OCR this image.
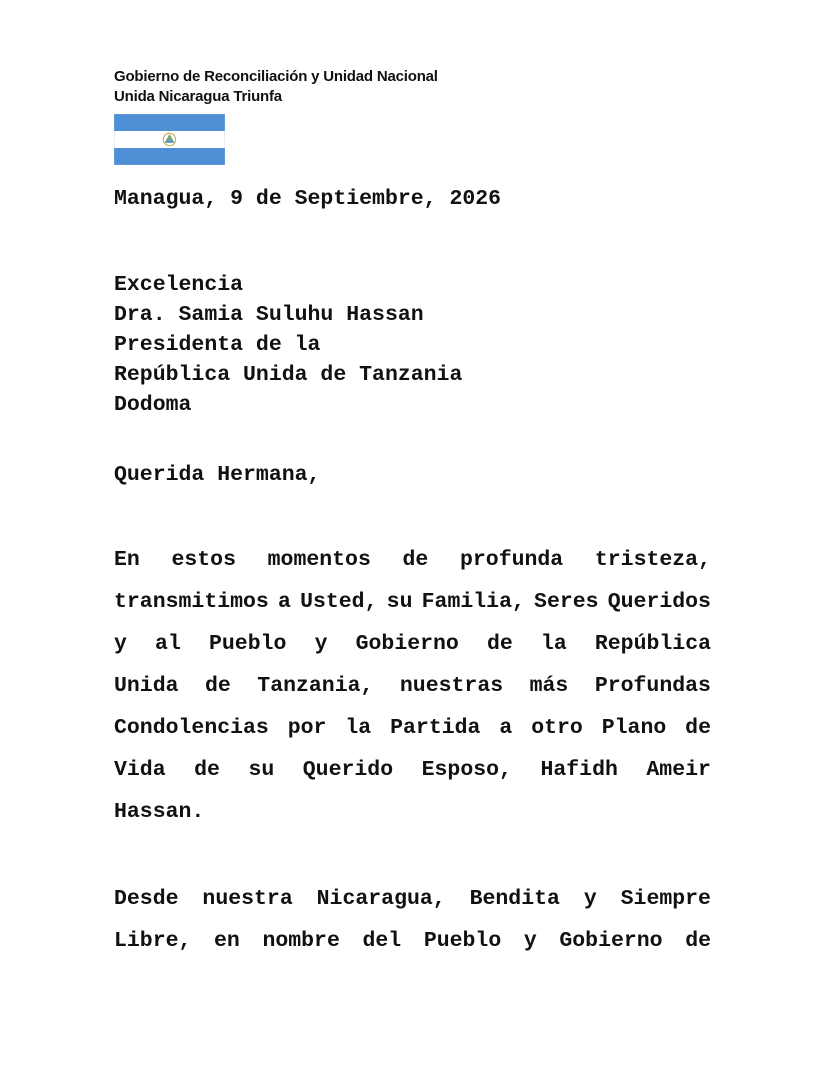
Gobierno de Reconciliación y Unidad Nacional
Unida Nicaragua Triunfa
Managua, 9 de Septiembre, 2026
Excelencia
Dra. Samia Suluhu Hassan
Presidenta de la
República Unida de Tanzania
Dodoma
Querida Hermana,
En estos momentos de profunda tristeza,
transmitimos a Usted, su Familia, Seres Queridos
y al Pueblo y Gobierno de la República
Unida de Tanzania, nuestras más Profundas
Condolencias por la Partida a otro Plano de
Vida de su Querido Esposo, Hafidh Ameir
Hassan.
Desde nuestra Nicaragua, Bendita y Siempre
Libre, en nombre del Pueblo y Gobierno de
